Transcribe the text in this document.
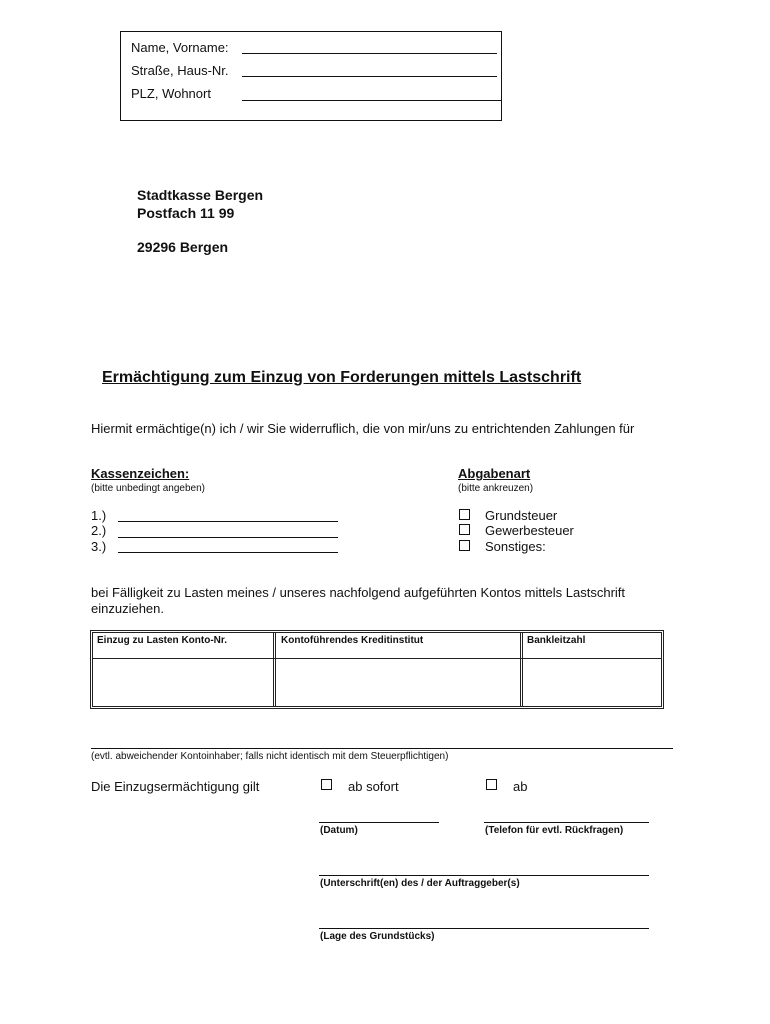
Name, Vorname:
Straße, Haus-Nr.
PLZ, Wohnort
Stadtkasse Bergen
Postfach 11 99
29296 Bergen
Ermächtigung zum Einzug von Forderungen mittels Lastschrift
Hiermit ermächtige(n) ich / wir Sie widerruflich, die von mir/uns zu entrichtenden Zahlungen für
Kassenzeichen:
(bitte unbedingt angeben)
1.)
2.)
3.)
Abgabenart
(bitte ankreuzen)
Grundsteuer
Gewerbesteuer
Sonstiges:
bei Fälligkeit zu Lasten meines / unseres nachfolgend aufgeführten Kontos mittels Lastschrift einzuziehen.
Einzug zu Lasten Konto-Nr.	Kontoführendes Kreditinstitut	Bankleitzahl
(evtl. abweichender Kontoinhaber; falls nicht identisch mit dem Steuerpflichtigen)
Die Einzugsermächtigung gilt	ab sofort	ab
(Datum)	(Telefon für evtl. Rückfragen)
(Unterschrift(en) des / der Auftraggeber(s)
(Lage des Grundstücks)
